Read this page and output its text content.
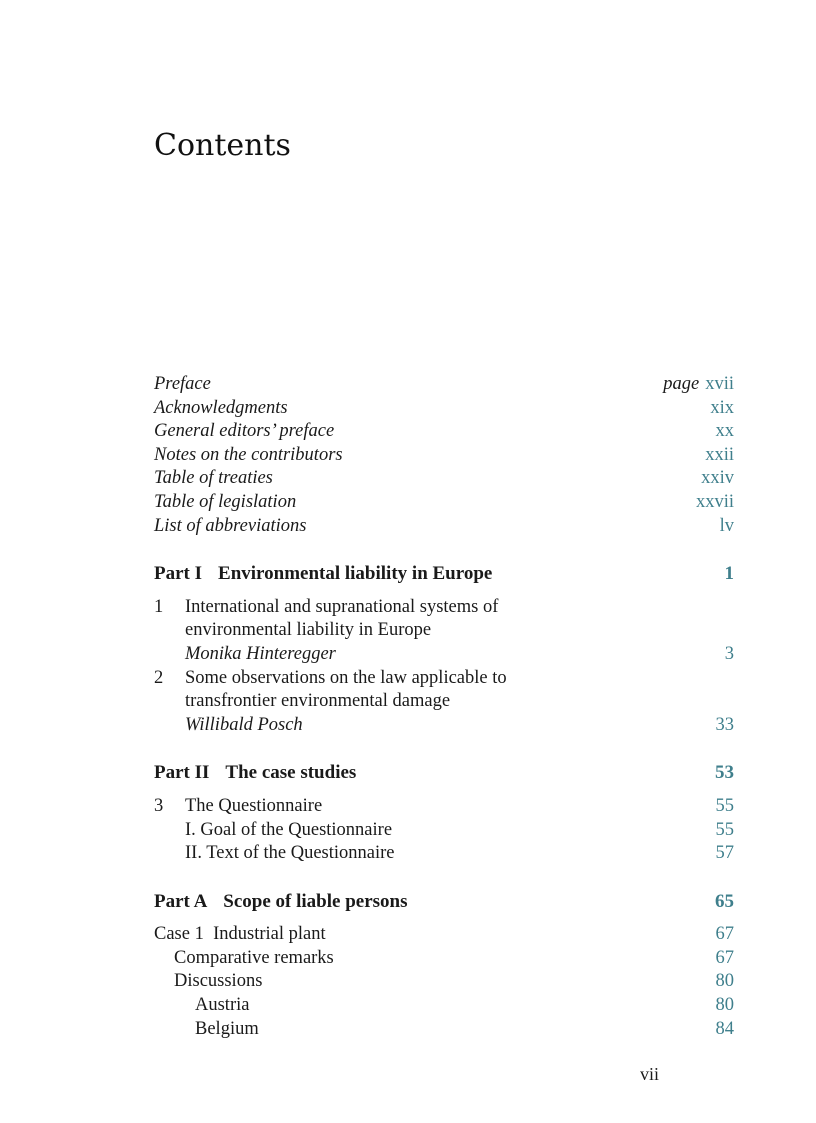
Contents
Preface	page xvii
Acknowledgments	xix
General editors’ preface	xx
Notes on the contributors	xxii
Table of treaties	xxiv
Table of legislation	xxvii
List of abbreviations	lv
Part I Environmental liability in Europe	1
1	International and supranational systems of
environmental liability in Europe
Monika Hinteregger	3
2	Some observations on the law applicable to
transfrontier environmental damage
Willibald Posch	33
Part II The case studies	53
3	The Questionnaire	55
I. Goal of the Questionnaire	55
II. Text of the Questionnaire	57
Part A Scope of liable persons	65
Case 1  Industrial plant	67
Comparative remarks	67
Discussions	80
Austria	80
Belgium	84
vii
